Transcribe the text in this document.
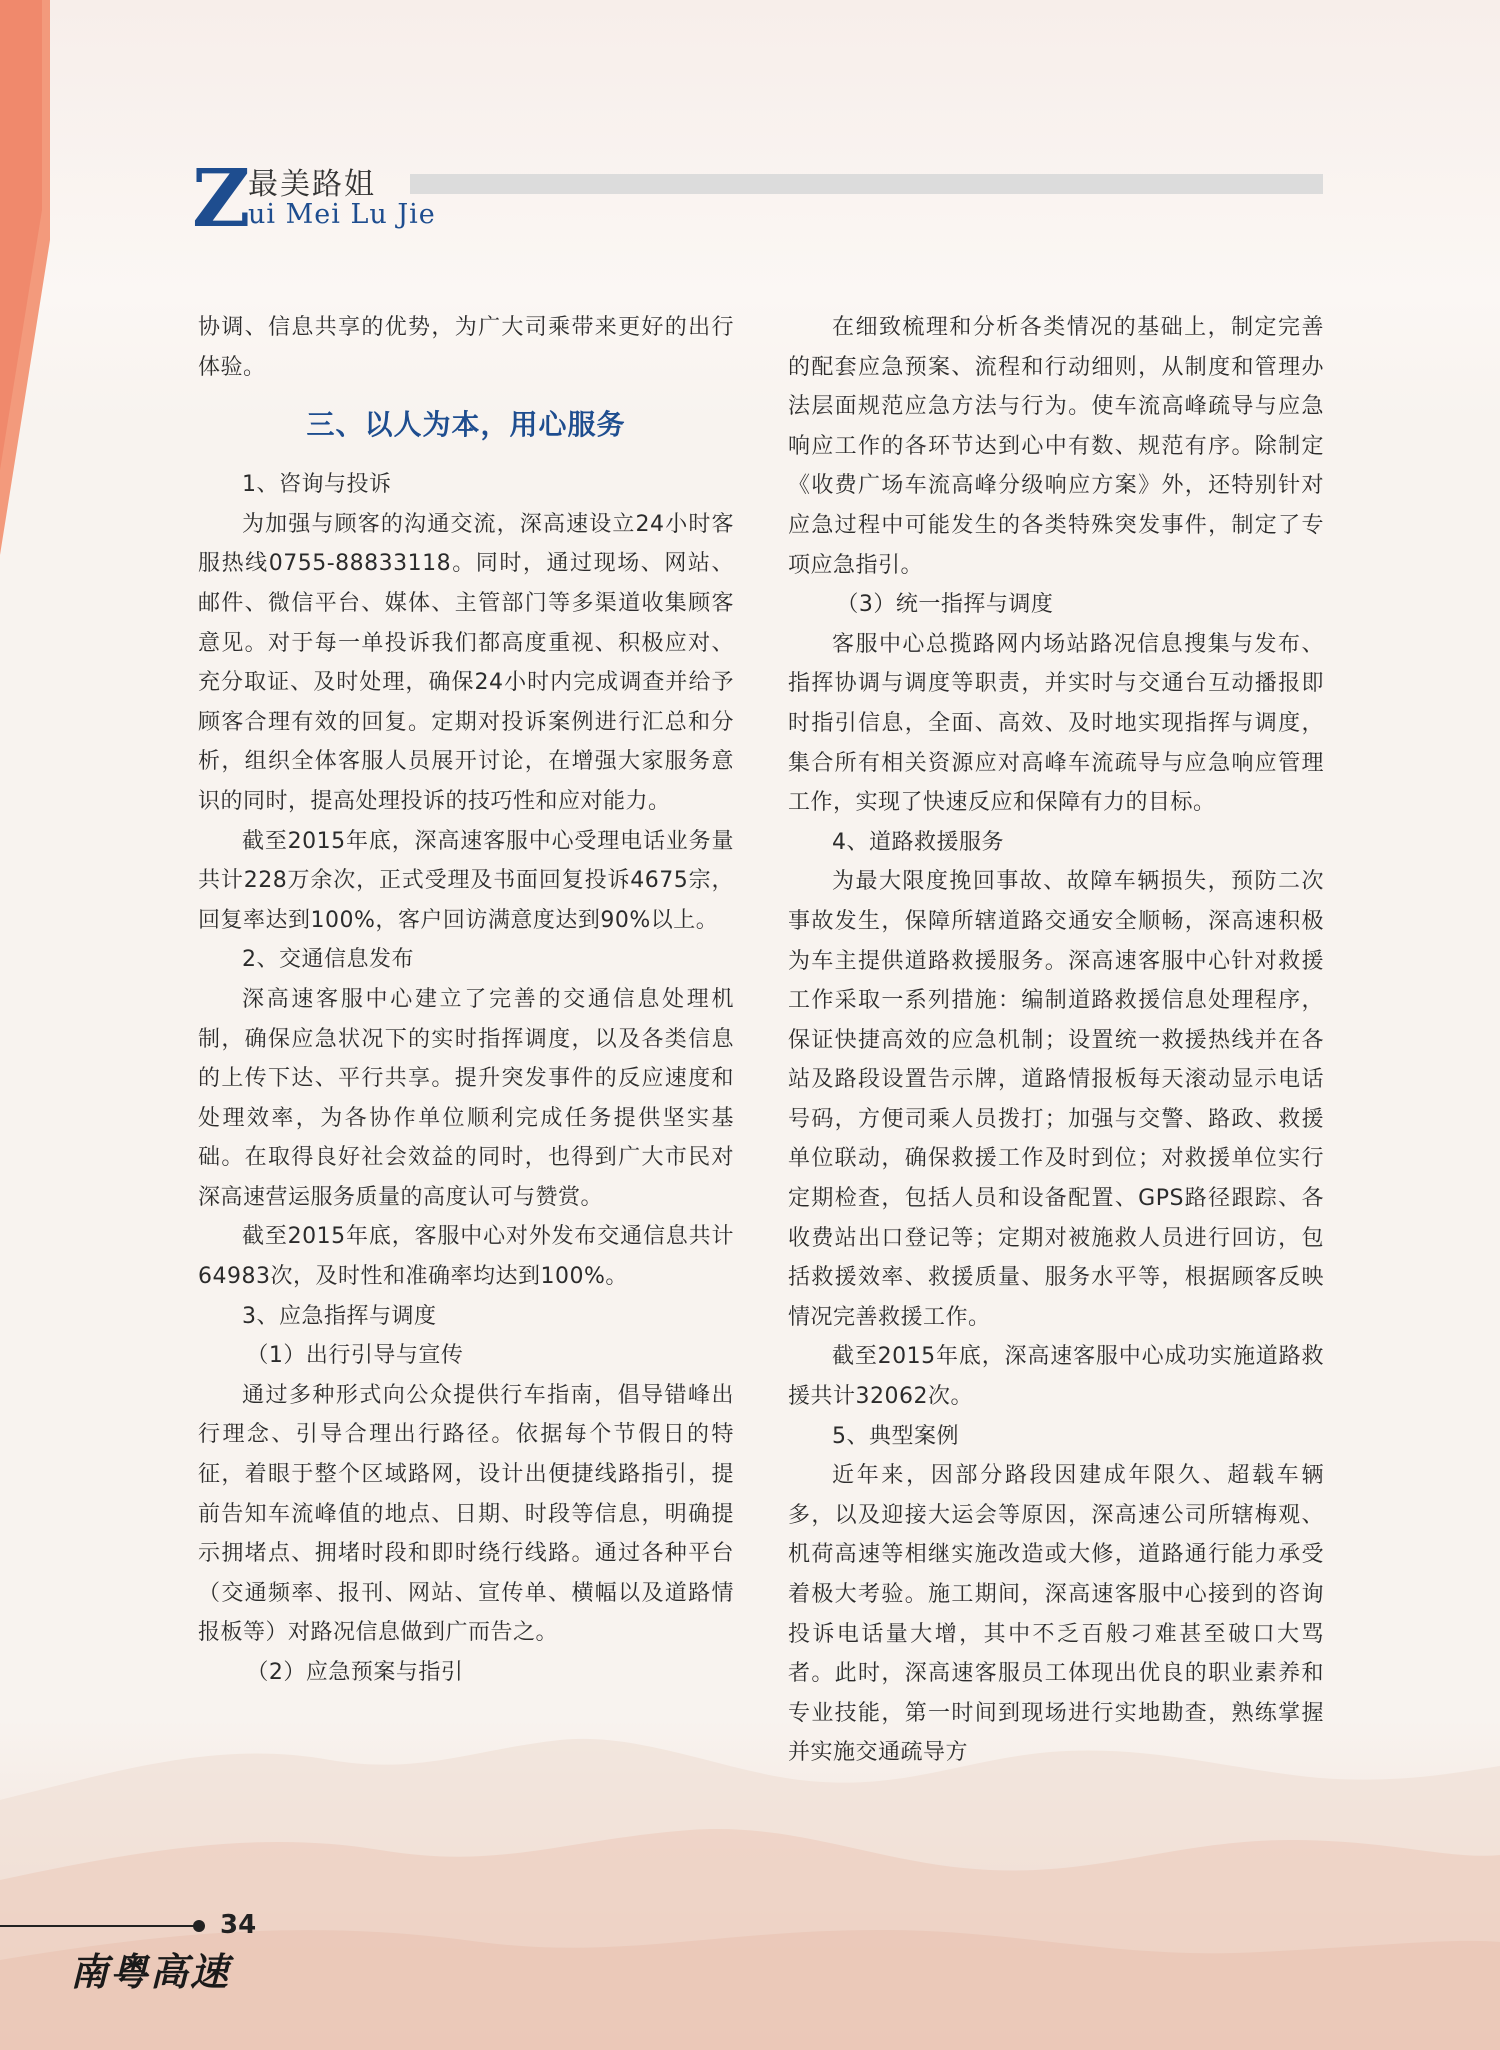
Z
最美路姐
ui Mei Lu Jie

协调、信息共享的优势，为广大司乘带来更好的出行体验。

三、以人为本，用心服务

1、咨询与投诉

为加强与顾客的沟通交流，深高速设立24小时客服热线0755-88833118。同时，通过现场、网站、邮件、微信平台、媒体、主管部门等多渠道收集顾客意见。对于每一单投诉我们都高度重视、积极应对、充分取证、及时处理，确保24小时内完成调查并给予顾客合理有效的回复。定期对投诉案例进行汇总和分析，组织全体客服人员展开讨论，在增强大家服务意识的同时，提高处理投诉的技巧性和应对能力。

截至2015年底，深高速客服中心受理电话业务量共计228万余次，正式受理及书面回复投诉4675宗，回复率达到100%，客户回访满意度达到90%以上。

2、交通信息发布

深高速客服中心建立了完善的交通信息处理机制，确保应急状况下的实时指挥调度，以及各类信息的上传下达、平行共享。提升突发事件的反应速度和处理效率，为各协作单位顺利完成任务提供坚实基础。在取得良好社会效益的同时，也得到广大市民对深高速营运服务质量的高度认可与赞赏。

截至2015年底，客服中心对外发布交通信息共计64983次，及时性和准确率均达到100%。

3、应急指挥与调度

（1）出行引导与宣传

通过多种形式向公众提供行车指南，倡导错峰出行理念、引导合理出行路径。依据每个节假日的特征，着眼于整个区域路网，设计出便捷线路指引，提前告知车流峰值的地点、日期、时段等信息，明确提示拥堵点、拥堵时段和即时绕行线路。通过各种平台（交通频率、报刊、网站、宣传单、横幅以及道路情报板等）对路况信息做到广而告之。

（2）应急预案与指引

在细致梳理和分析各类情况的基础上，制定完善的配套应急预案、流程和行动细则，从制度和管理办法层面规范应急方法与行为。使车流高峰疏导与应急响应工作的各环节达到心中有数、规范有序。除制定《收费广场车流高峰分级响应方案》外，还特别针对应急过程中可能发生的各类特殊突发事件，制定了专项应急指引。

（3）统一指挥与调度

客服中心总揽路网内场站路况信息搜集与发布、指挥协调与调度等职责，并实时与交通台互动播报即时指引信息，全面、高效、及时地实现指挥与调度，集合所有相关资源应对高峰车流疏导与应急响应管理工作，实现了快速反应和保障有力的目标。

4、道路救援服务

为最大限度挽回事故、故障车辆损失，预防二次事故发生，保障所辖道路交通安全顺畅，深高速积极为车主提供道路救援服务。深高速客服中心针对救援工作采取一系列措施：编制道路救援信息处理程序，保证快捷高效的应急机制；设置统一救援热线并在各站及路段设置告示牌，道路情报板每天滚动显示电话号码，方便司乘人员拨打；加强与交警、路政、救援单位联动，确保救援工作及时到位；对救援单位实行定期检查，包括人员和设备配置、GPS路径跟踪、各收费站出口登记等；定期对被施救人员进行回访，包括救援效率、救援质量、服务水平等，根据顾客反映情况完善救援工作。

截至2015年底，深高速客服中心成功实施道路救援共计32062次。

5、典型案例

近年来，因部分路段因建成年限久、超载车辆多，以及迎接大运会等原因，深高速公司所辖梅观、机荷高速等相继实施改造或大修，道路通行能力承受着极大考验。施工期间，深高速客服中心接到的咨询投诉电话量大增，其中不乏百般刁难甚至破口大骂者。此时，深高速客服员工体现出优良的职业素养和专业技能，第一时间到现场进行实地勘查，熟练掌握并实施交通疏导方

34
南粤高速
